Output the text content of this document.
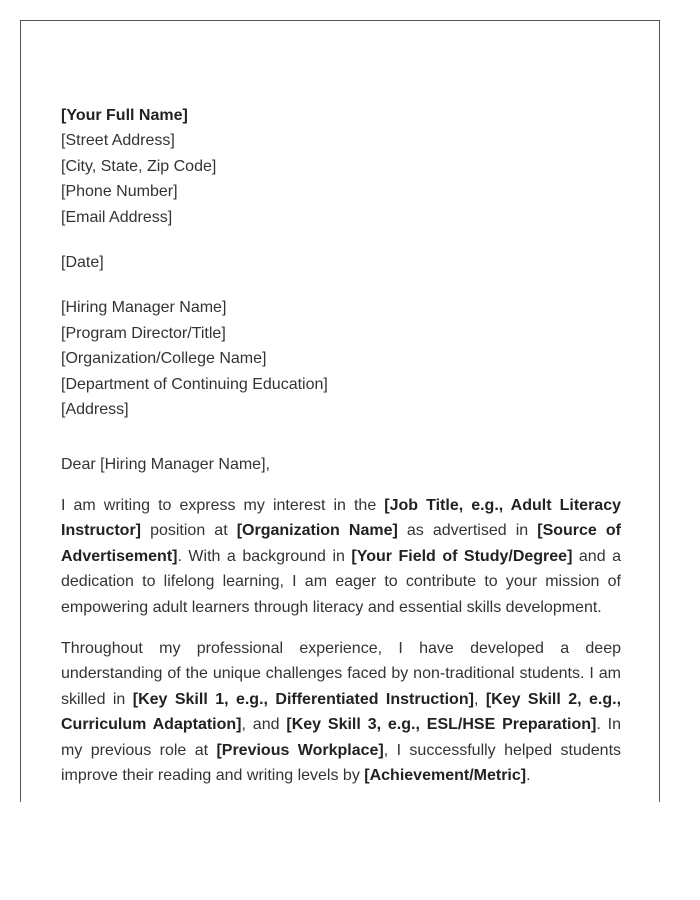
[Your Full Name]
[Street Address]
[City, State, Zip Code]
[Phone Number]
[Email Address]
[Date]
[Hiring Manager Name]
[Program Director/Title]
[Organization/College Name]
[Department of Continuing Education]
[Address]
Dear [Hiring Manager Name],

I am writing to express my interest in the [Job Title, e.g., Adult Literacy Instructor] position at [Organization Name] as advertised in [Source of Advertisement]. With a background in [Your Field of Study/Degree] and a dedication to lifelong learning, I am eager to contribute to your mission of empowering adult learners through literacy and essential skills development.

Throughout my professional experience, I have developed a deep understanding of the unique challenges faced by non-traditional students. I am skilled in [Key Skill 1, e.g., Differentiated Instruction], [Key Skill 2, e.g., Curriculum Adaptation], and [Key Skill 3, e.g., ESL/HSE Preparation]. In my previous role at [Previous Workplace], I successfully helped students improve their reading and writing levels by [Achievement/Metric].
